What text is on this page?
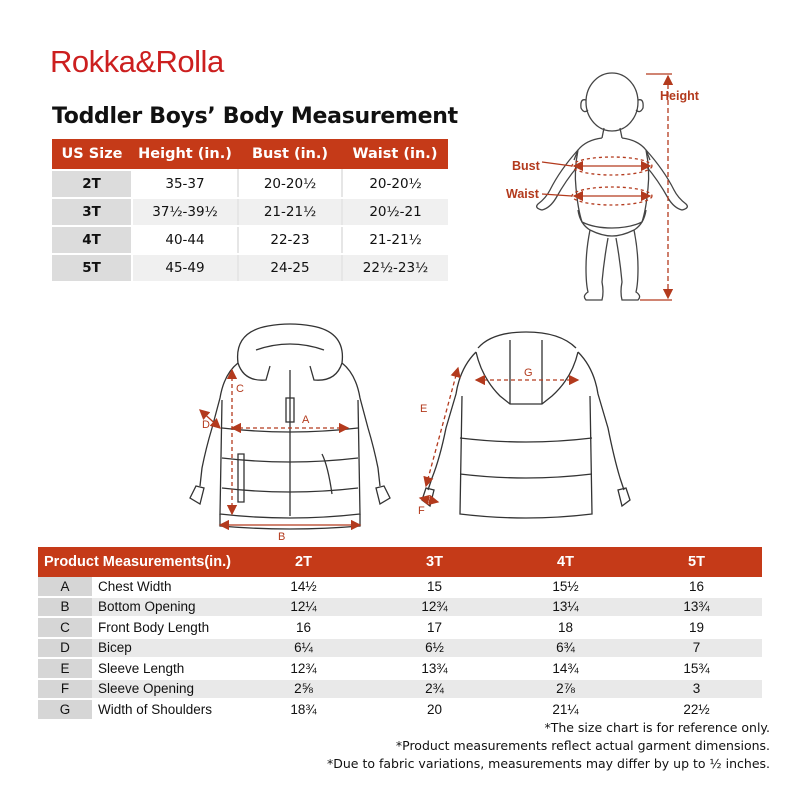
Rokka&Rolla
Toddler Boys’ Body Measurement
US Size	Height (in.)	Bust (in.)	Waist (in.)
2T	35-37	20-20½	20-20½
3T	37½-39½	21-21½	20½-21
4T	40-44	22-23	21-21½
5T	45-49	24-25	22½-23½
Bust
Waist
Height
A
C
D
B
G
E
F
Product Measurements(in.)		2T	3T	4T	5T
A	Chest Width	14½	15	15½	16
B	Bottom Opening	12¼	12¾	13¼	13¾
C	Front Body Length	16	17	18	19
D	Bicep	6¼	6½	6¾	7
E	Sleeve Length	12¾	13¾	14¾	15¾
F	Sleeve Opening	2⅝	2¾	2⅞	3
G	Width of Shoulders	18¾	20	21¼	22½
*The size chart is for reference only.
*Product measurements reflect actual garment dimensions.
*Due to fabric variations, measurements may differ by up to ½ inches.
